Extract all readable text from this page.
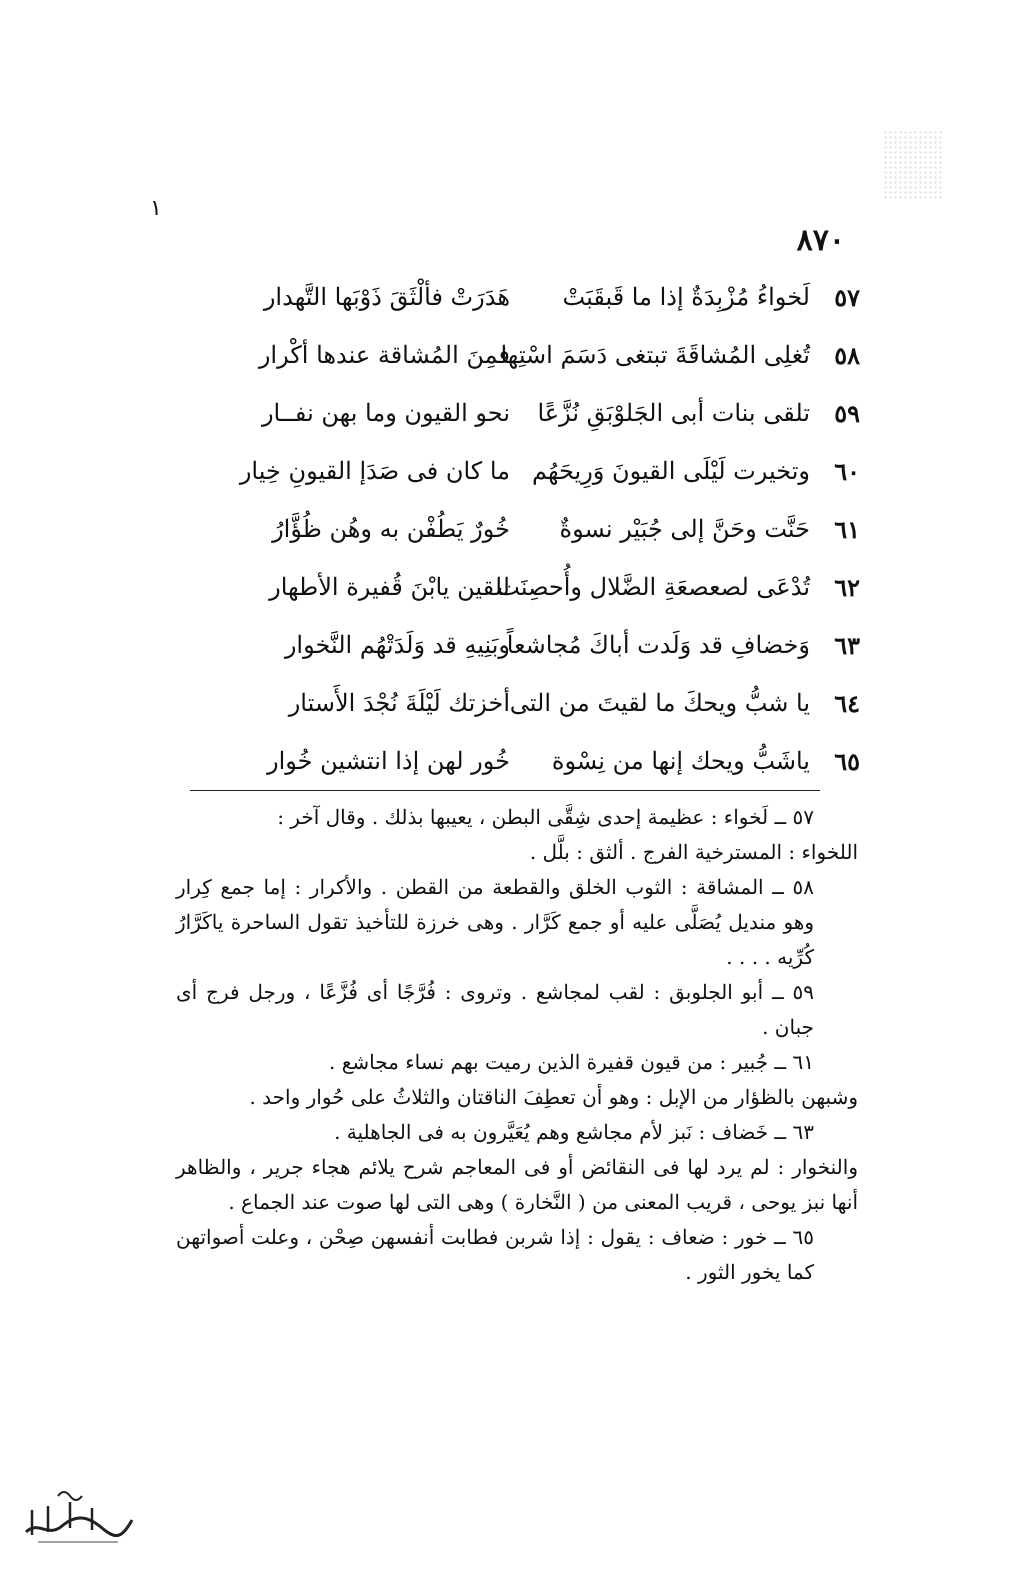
١
٨٧٠
٥٧
لَخواءُ مُزْبِدَةٌ إذا ما قَبقَبَتْ
هَدَرَتْ فألْثَقَ ذَوْبَها التَّهدار
٥٨
تُغلِى المُشاقَةَ تبتغى دَسَمَ اسْتِها
فمِنَ المُشاقة عندها أكْرار
٥٩
تلقى بنات أبى الجَلوْبَقِ نُزَّعًا
نحو القيون وما بهن نفــار
٦٠
وتخيرت لَيْلَى القيونَ وَرِيحَهُم
ما كان فى صَدَإ القيونِ خِيار
٦١
حَنَّت وحَنَّ إلى جُبَيْر نسوةٌ
خُورٌ يَطُفْن به وهُن ظُؤَّارُ
٦٢
تُدْعَى لصعصعَةِ الضَّلال وأُحصِنَت
للقين يابْنَ قُفيرة الأطهار
٦٣
وَخضافِ قد وَلَدت أباكَ مُجاشعاً
وبَنِيهِ قد وَلَدَتْهُم النَّخوار
٦٤
يا شبُّ ويحكَ ما لقيتَ من التى
أخزتك لَيْلَةَ نُجْدَ الأَستار
٦٥
ياشَبُّ ويحك إنها من نِسْوة
خُور لهن إذا انتشين خُوار

٥٧ ــ لَخواء : عظيمة إحدى شِقَّى البطن ، يعيبها بذلك . وقال آخر :

اللخواء : المسترخية الفرج . ألثق : بلَّل .

٥٨ ــ المشاقة : الثوب الخلق والقطعة من القطن . والأكرار : إما جمع كِرار وهو منديل يُصَلَّى عليه أو جمع كَرَّار . وهى خرزة للتأخيذ تقول الساحرة ياكَرَّارُ كُرِّيه . . . .

٥٩ ــ أبو الجلوبق : لقب لمجاشع . وتروى : فُرَّجًا أى فُزَّعًا ، ورجل فرج أى جبان .

٦١ ــ جُبير : من قيون قفيرة الذين رميت بهم نساء مجاشع .

وشبهن بالظؤار من الإبل : وهو أن تعطِفَ الناقتان والثلاثُ على حُوار واحد .

٦٣ ــ خَضاف : نَبز لأم مجاشع وهم يُعَيَّرون به فى الجاهلية .

والنخوار : لم يرد لها فى النقائض أو فى المعاجم شرح يلائم هجاء جرير ، والظاهر أنها نبز يوحى ، قريب المعنى من ( النَّخارة ) وهى التى لها صوت عند الجماع .

٦٥ ــ خور : ضعاف : يقول : إذا شربن فطابت أنفسهن صِحْن ، وعلت أصواتهن كما يخور الثور .
